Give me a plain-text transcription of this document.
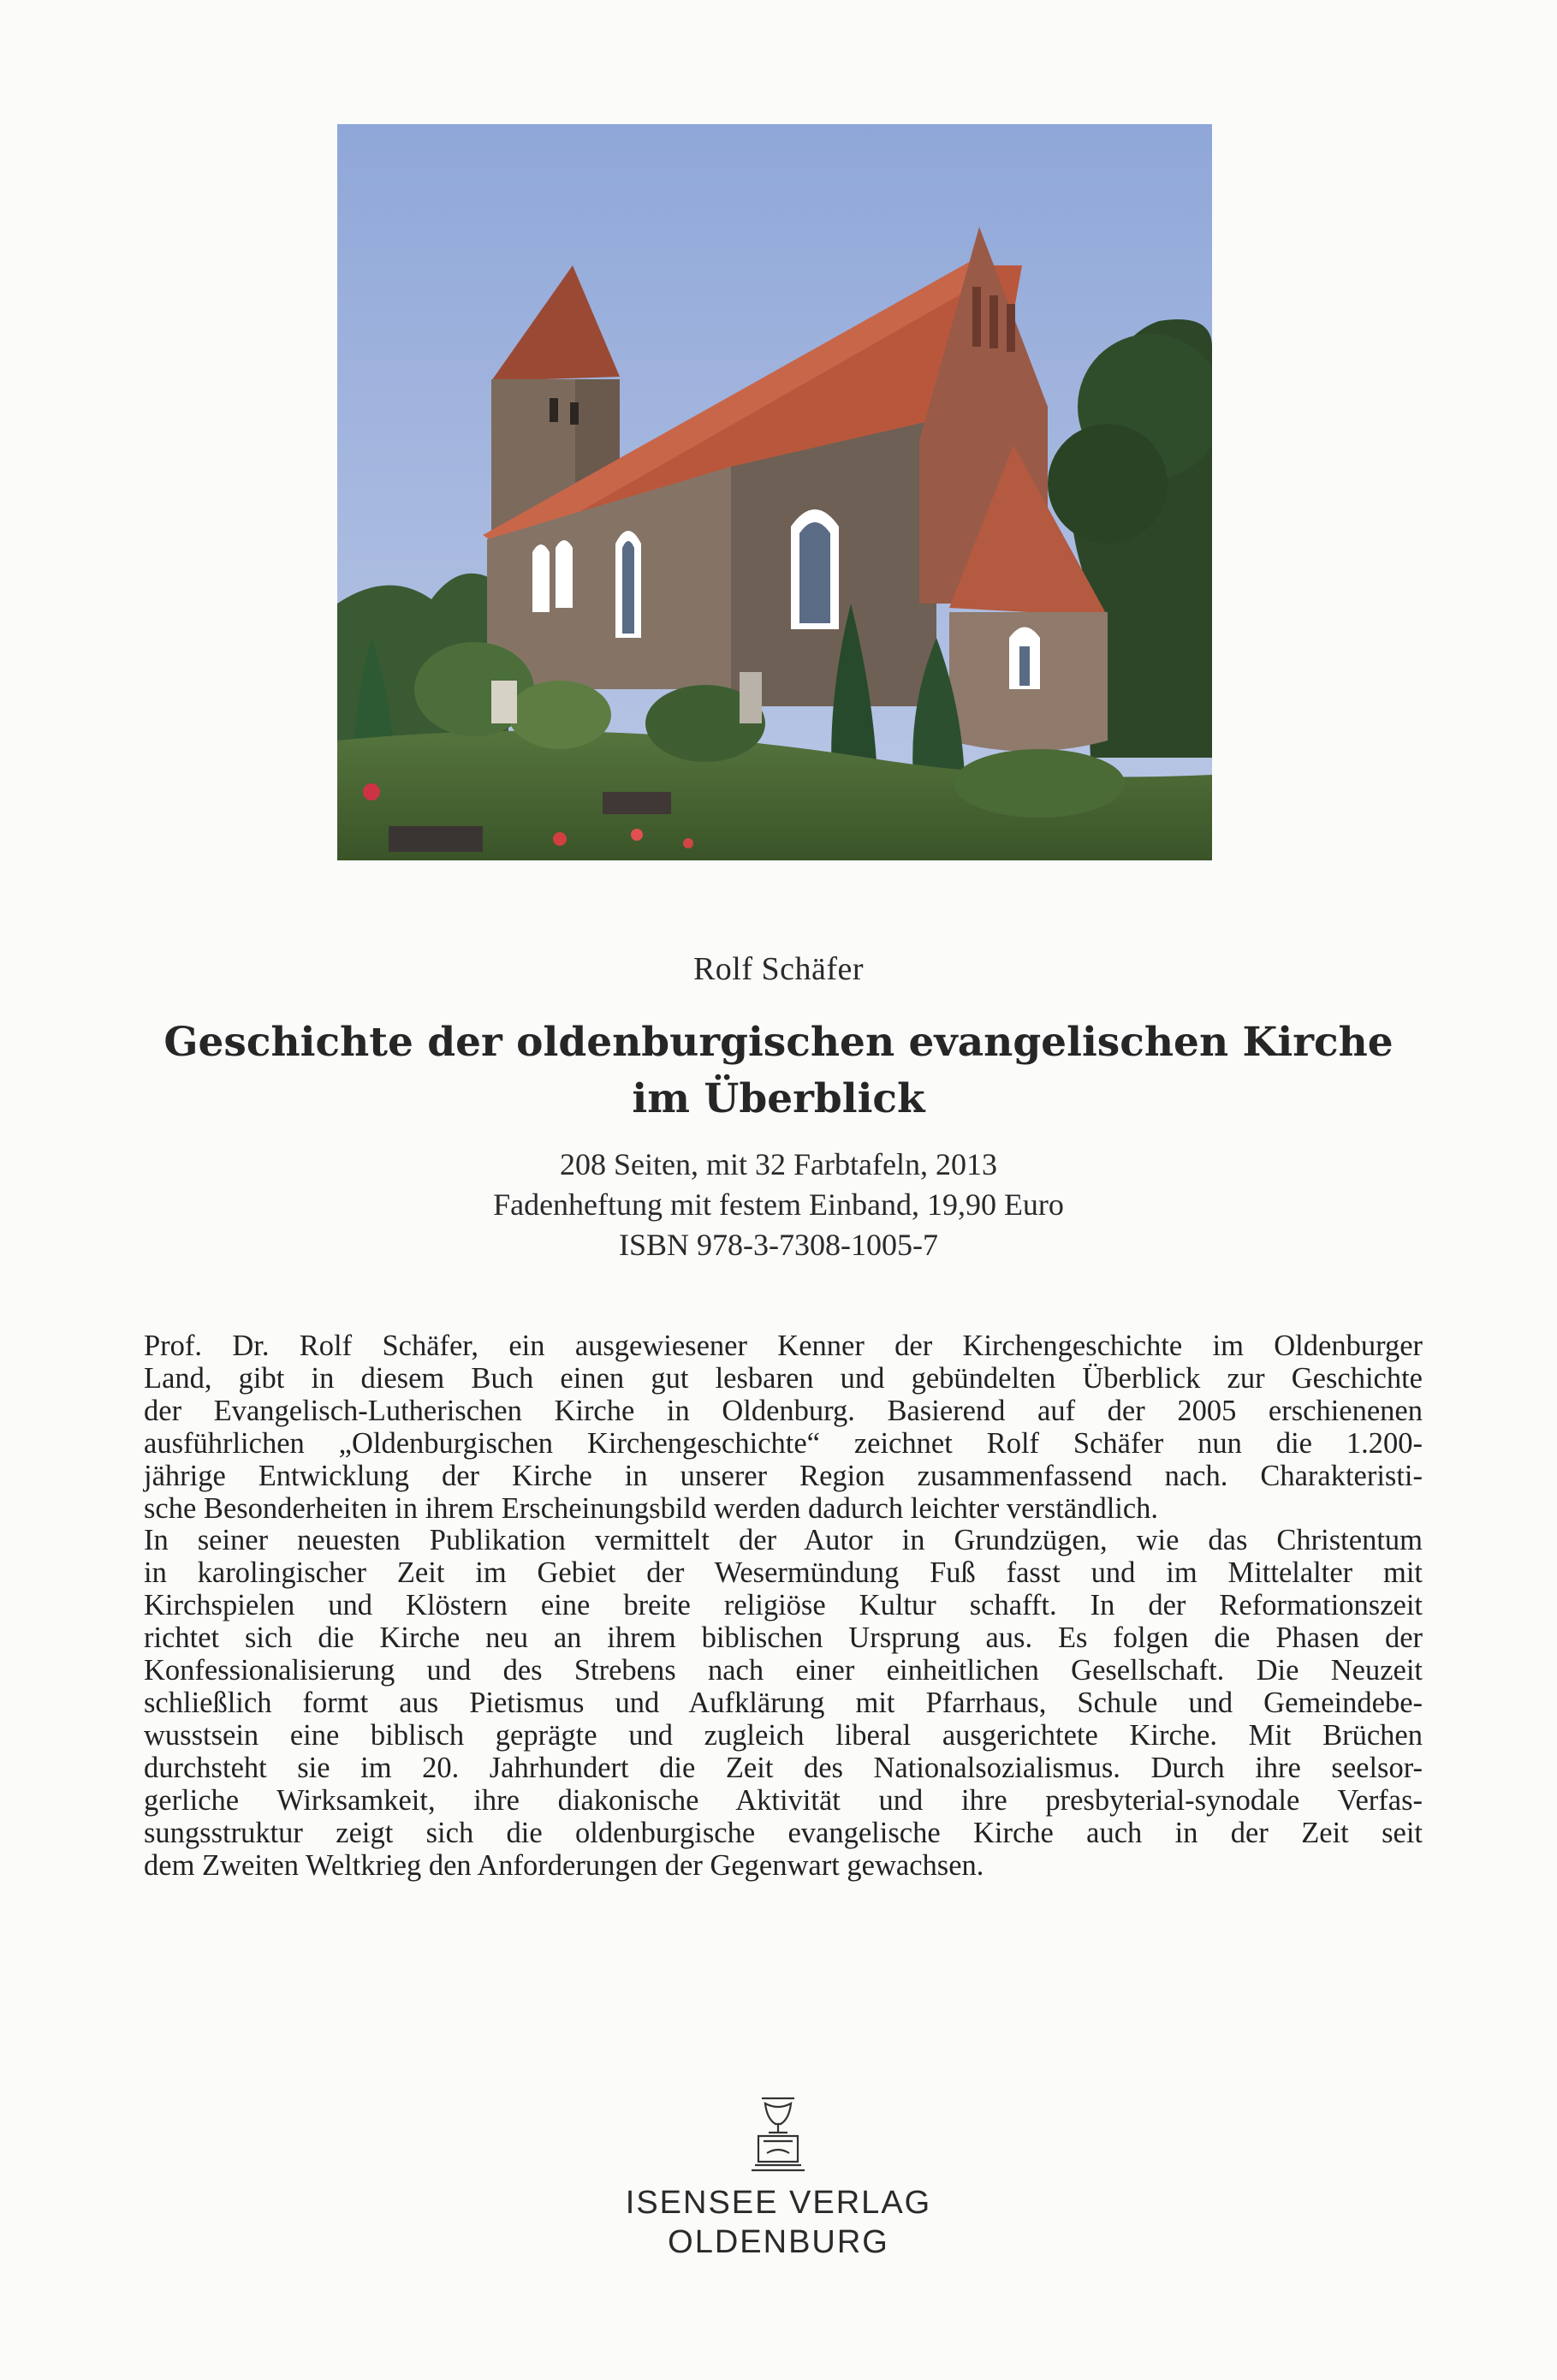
Rolf Schäfer
Geschichte der oldenburgischen evangelischen Kirche
im Überblick
208 Seiten, mit 32 Farbtafeln, 2013
Fadenheftung mit festem Einband, 19,90 Euro
ISBN 978-3-7308-1005-7
Prof. Dr. Rolf Schäfer, ein ausgewiesener Kenner der Kirchengeschichte im Oldenburger
Land, gibt in diesem Buch einen gut lesbaren und gebündelten Überblick zur Geschichte
der Evangelisch-Lutherischen Kirche in Oldenburg. Basierend auf der 2005 erschienenen
ausführlichen „Oldenburgischen Kirchengeschichte“ zeichnet Rolf Schäfer nun die 1.200-
jährige Entwicklung der Kirche in unserer Region zusammenfassend nach. Charakteristi-
sche Besonderheiten in ihrem Erscheinungsbild werden dadurch leichter verständlich.
In seiner neuesten Publikation vermittelt der Autor in Grundzügen, wie das Christentum
in karolingischer Zeit im Gebiet der Wesermündung Fuß fasst und im Mittelalter mit
Kirchspielen und Klöstern eine breite religiöse Kultur schafft. In der Reformationszeit
richtet sich die Kirche neu an ihrem biblischen Ursprung aus. Es folgen die Phasen der
Konfessionalisierung und des Strebens nach einer einheitlichen Gesellschaft. Die Neuzeit
schließlich formt aus Pietismus und Aufklärung mit Pfarrhaus, Schule und Gemeindebe-
wusstsein eine biblisch geprägte und zugleich liberal ausgerichtete Kirche. Mit Brüchen
durchsteht sie im 20. Jahrhundert die Zeit des Nationalsozialismus. Durch ihre seelsor-
gerliche Wirksamkeit, ihre diakonische Aktivität und ihre presbyterial-synodale Verfas-
sungsstruktur zeigt sich die oldenburgische evangelische Kirche auch in der Zeit seit
dem Zweiten Weltkrieg den Anforderungen der Gegenwart gewachsen.
ISENSEE VERLAG
OLDENBURG
